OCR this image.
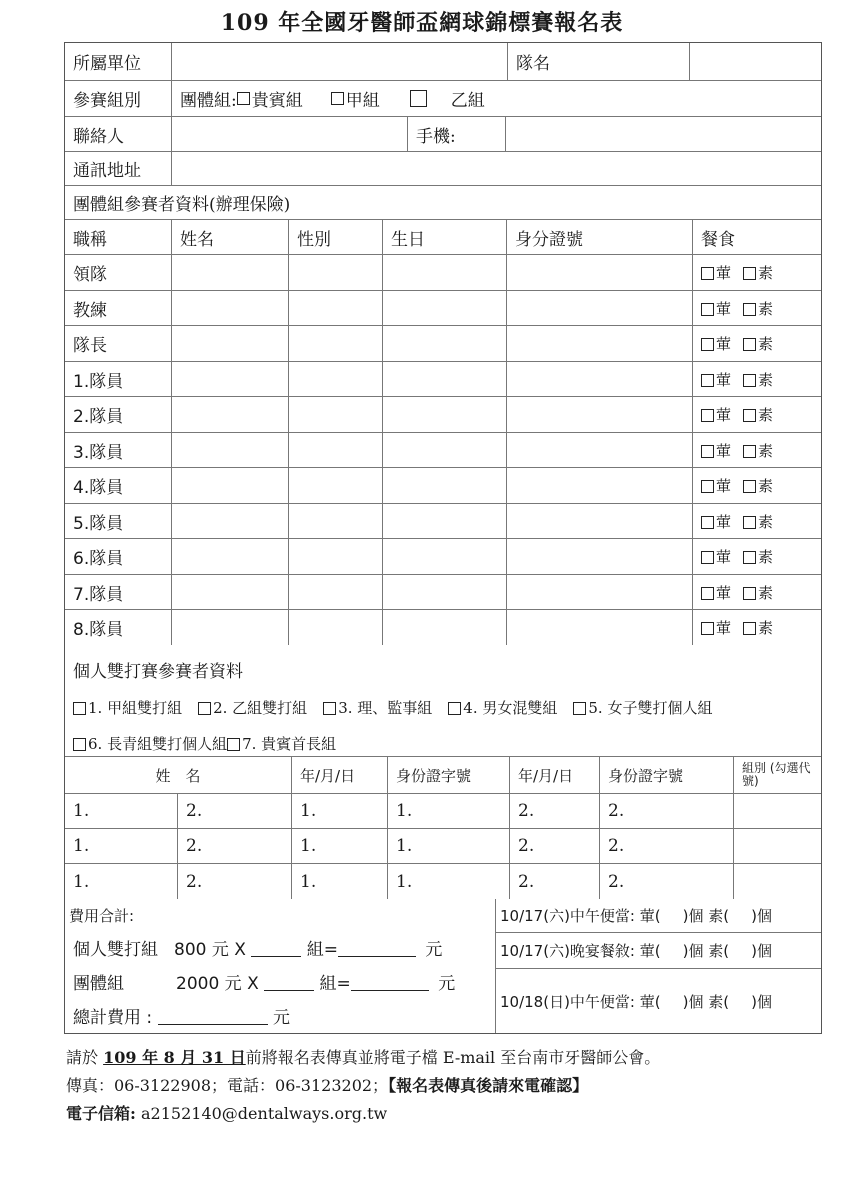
109 年全國牙醫師盃網球錦標賽報名表
所屬單位	隊名
參賽組別	團體組: 貴賓組	甲組	乙組
聯絡人	手機:
通訊地址
團體組參賽者資料(辦理保險)
職稱	姓名	性別	生日	身分證號	餐食
領隊	葷	素
教練	葷	素
隊長	葷	素
1.隊員	葷	素
2.隊員	葷	素
3.隊員	葷	素
4.隊員	葷	素
5.隊員	葷	素
6.隊員	葷	素
7.隊員	葷	素
8.隊員	葷	素
個人雙打賽參賽者資料
1. 甲組雙打組 2. 乙組雙打組 3. 理、監事組 4. 男女混雙組 5. 女子雙打個人組
6. 長青組雙打個人組 7. 貴賓首長組
姓　名	年/月/日	身份證字號	年/月/日	身份證字號	組別 (勾選代號)
1.	2.	1.	1.	2.	2.
1.	2.	1.	1.	2.	2.
1.	2.	1.	1.	2.	2.
費用合計:
個人雙打組 800 元 X	組=	元
團體組	2000 元 X	組=	元
總計費用 :	元
10/17(六)中午便當: 葷( )個 素( )個
10/17(六)晚宴餐敘: 葷( )個 素( )個
10/18(日)中午便當: 葷( )個 素( )個
請於 109 年 8 月 31 日前將報名表傳真並將電子檔 E-mail 至台南市牙醫師公會。
傳真：06-3122908；電話：06-3123202；【報名表傳真後請來電確認】
電子信箱: a2152140@dentalways.org.tw
